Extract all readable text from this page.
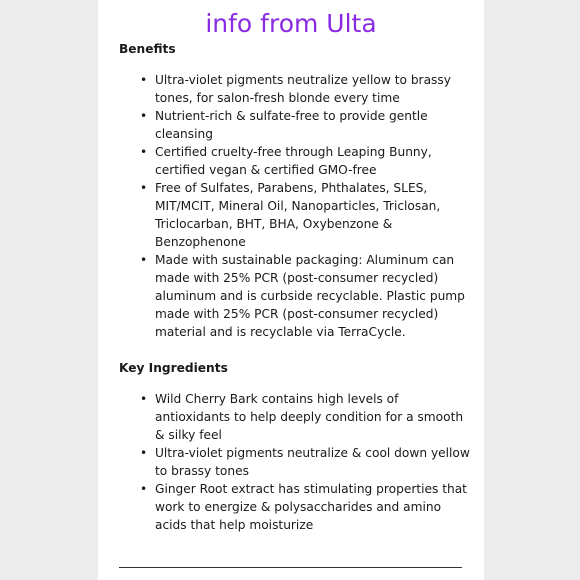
info from Ulta
Benefits
• Ultra-violet pigments neutralize yellow to brassy tones, for salon-fresh blonde every time
• Nutrient-rich & sulfate-free to provide gentle cleansing
• Certified cruelty-free through Leaping Bunny, certified vegan & certified GMO-free
• Free of Sulfates, Parabens, Phthalates, SLES, MIT/MCIT, Mineral Oil, Nanoparticles, Triclosan, Triclocarban, BHT, BHA, Oxybenzone & Benzophenone
• Made with sustainable packaging: Aluminum can made with 25% PCR (post-consumer recycled) aluminum and is curbside recyclable. Plastic pump made with 25% PCR (post-consumer recycled) material and is recyclable via TerraCycle.
Key Ingredients
• Wild Cherry Bark contains high levels of antioxidants to help deeply condition for a smooth & silky feel
• Ultra-violet pigments neutralize & cool down yellow to brassy tones
• Ginger Root extract has stimulating properties that work to energize & polysaccharides and amino acids that help moisturize
